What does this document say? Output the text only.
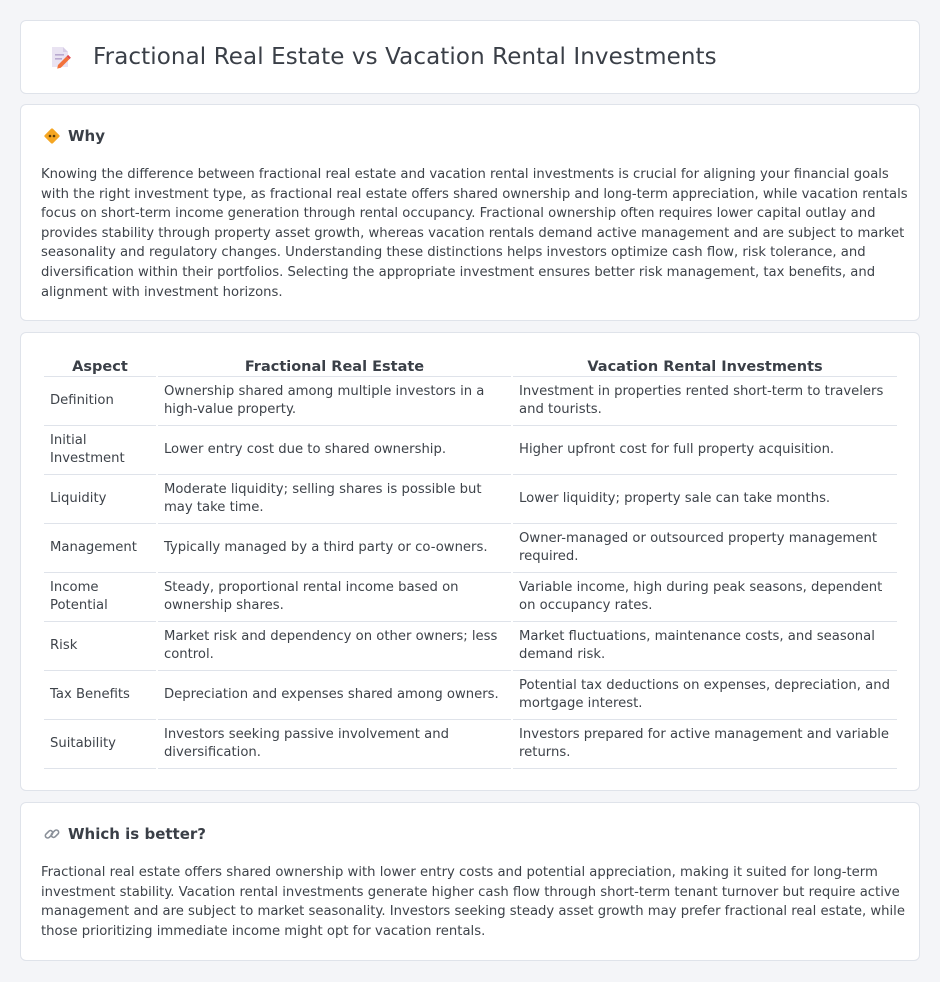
Fractional Real Estate vs Vacation Rental Investments
Why

Knowing the difference between fractional real estate and vacation rental investments is crucial for aligning your financial goals with the right investment type, as fractional real estate offers shared ownership and long-term appreciation, while vacation rentals focus on short-term income generation through rental occupancy. Fractional ownership often requires lower capital outlay and provides stability through property asset growth, whereas vacation rentals demand active management and are subject to market seasonality and regulatory changes. Understanding these distinctions helps investors optimize cash flow, risk tolerance, and diversification within their portfolios. Selecting the appropriate investment ensures better risk management, tax benefits, and alignment with investment horizons.

Aspect	Fractional Real Estate	Vacation Rental Investments
Definition	Ownership shared among multiple investors in a high-value property.	Investment in properties rented short-term to travelers and tourists.
Initial Investment	Lower entry cost due to shared ownership.	Higher upfront cost for full property acquisition.
Liquidity	Moderate liquidity; selling shares is possible but may take time.	Lower liquidity; property sale can take months.
Management	Typically managed by a third party or co-owners.	Owner-managed or outsourced property management required.
Income Potential	Steady, proportional rental income based on ownership shares.	Variable income, high during peak seasons, dependent on occupancy rates.
Risk	Market risk and dependency on other owners; less control.	Market fluctuations, maintenance costs, and seasonal demand risk.
Tax Benefits	Depreciation and expenses shared among owners.	Potential tax deductions on expenses, depreciation, and mortgage interest.
Suitability	Investors seeking passive involvement and diversification.	Investors prepared for active management and variable returns.
Which is better?

Fractional real estate offers shared ownership with lower entry costs and potential appreciation, making it suited for long-term investment stability. Vacation rental investments generate higher cash flow through short-term tenant turnover but require active management and are subject to market seasonality. Investors seeking steady asset growth may prefer fractional real estate, while those prioritizing immediate income might opt for vacation rentals.
